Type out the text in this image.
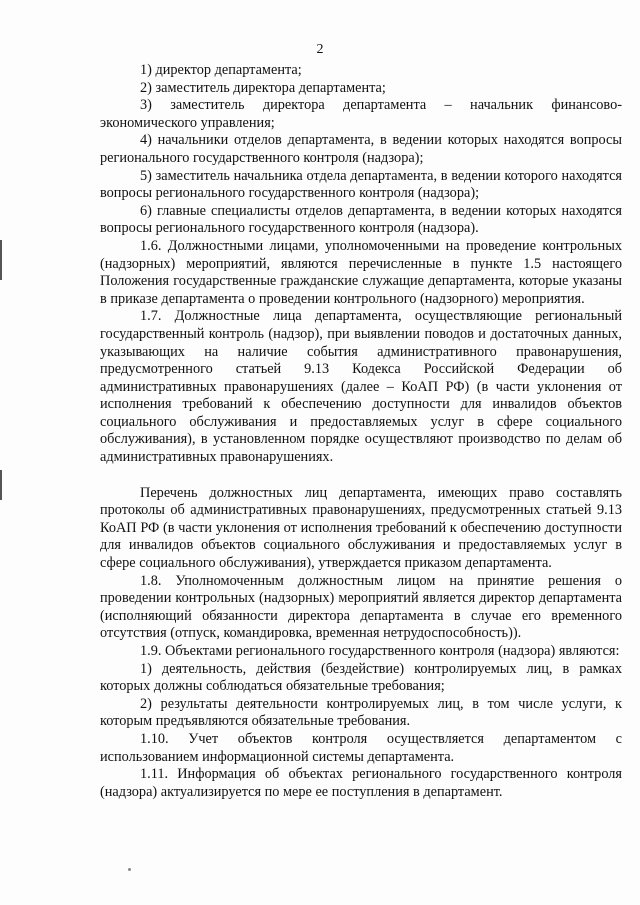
2

1) директор департамента;

2) заместитель директора департамента;

3) заместитель директора департамента – начальник финансово-экономического управления;

4) начальники отделов департамента, в ведении которых находятся вопросы регионального государственного контроля (надзора);

5) заместитель начальника отдела департамента, в ведении которого находятся вопросы регионального государственного контроля (надзора);

6) главные специалисты отделов департамента, в ведении которых находятся вопросы регионального государственного контроля (надзора).

1.6. Должностными лицами, уполномоченными на проведение контрольных (надзорных) мероприятий, являются перечисленные в пункте 1.5 настоящего Положения государственные гражданские служащие департамента, которые указаны в приказе департамента о проведении контрольного (надзорного) мероприятия.

1.7. Должностные лица департамента, осуществляющие региональный государственный контроль (надзор), при выявлении поводов и достаточных данных, указывающих на наличие события административного правонарушения, предусмотренного статьей 9.13 Кодекса Российской Федерации об административных правонарушениях (далее – КоАП РФ) (в части уклонения от исполнения требований к обеспечению доступности для инвалидов объектов социального обслуживания и предоставляемых услуг в сфере социального обслуживания), в установленном порядке осуществляют производство по делам об административных правонарушениях.

Перечень должностных лиц департамента, имеющих право составлять протоколы об административных правонарушениях, предусмотренных статьей 9.13 КоАП РФ (в части уклонения от исполнения требований к обеспечению доступности для инвалидов объектов социального обслуживания и предоставляемых услуг в сфере социального обслуживания), утверждается приказом департамента.

1.8. Уполномоченным должностным лицом на принятие решения о проведении контрольных (надзорных) мероприятий является директор департамента (исполняющий обязанности директора департамента в случае его временного отсутствия (отпуск, командировка, временная нетрудоспособность)).

1.9. Объектами регионального государственного контроля (надзора) являются:

1) деятельность, действия (бездействие) контролируемых лиц, в рамках которых должны соблюдаться обязательные требования;

2) результаты деятельности контролируемых лиц, в том числе услуги, к которым предъявляются обязательные требования.

1.10. Учет объектов контроля осуществляется департаментом с использованием информационной системы департамента.

1.11. Информация об объектах регионального государственного контроля (надзора) актуализируется по мере ее поступления в департамент.
